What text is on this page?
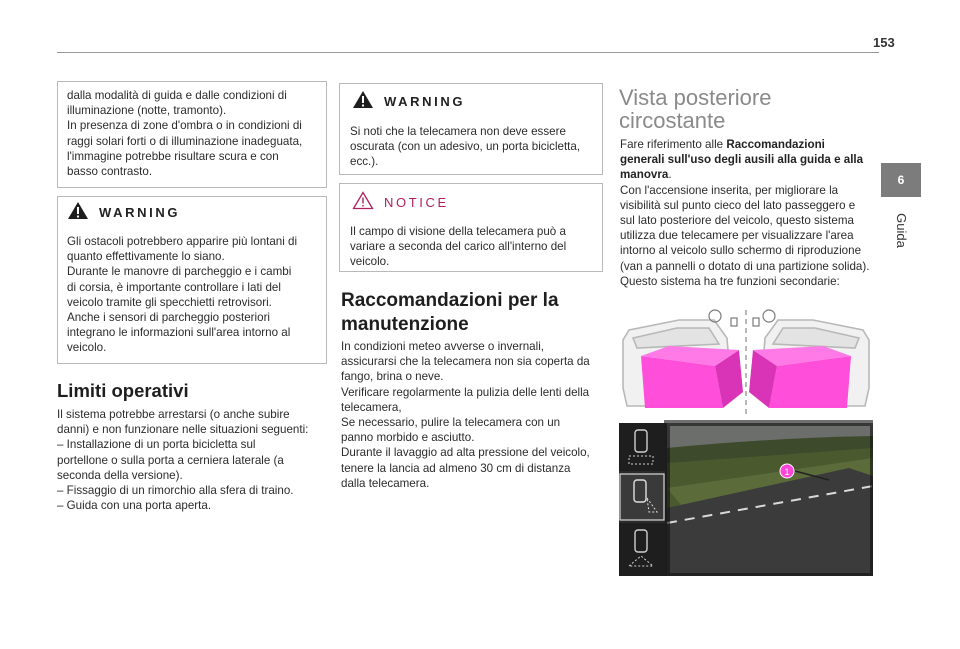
153
6
Guida

dalla modalità di guida e dalle condizioni di

illuminazione (notte, tramonto).

In presenza di zone d'ombra o in condizioni di

raggi solari forti o di illuminazione inadeguata,

l'immagine potrebbe risultare scura e con

basso contrasto.

WARNING

Gli ostacoli potrebbero apparire più lontani di

quanto effettivamente lo siano.

Durante le manovre di parcheggio e i cambi

di corsia, è importante controllare i lati del

veicolo tramite gli specchietti retrovisori.

Anche i sensori di parcheggio posteriori

integrano le informazioni sull'area intorno al

veicolo.

Limiti operativi
Il sistema potrebbe arrestarsi (o anche subire
danni) e non funzionare nelle situazioni seguenti:
– Installazione di un porta bicicletta sul
portellone o sulla porta a cerniera laterale (a
seconda della versione).
– Fissaggio di un rimorchio alla sfera di traino.
– Guida con una porta aperta.
WARNING

Si noti che la telecamera non deve essere

oscurata (con un adesivo, un porta bicicletta,

ecc.).

NOTICE

Il campo di visione della telecamera può a

variare a seconda del carico all'interno del

veicolo.

Raccomandazioni per la
manutenzione
In condizioni meteo avverse o invernali,
assicurarsi che la telecamera non sia coperta da
fango, brina o neve.
Verificare regolarmente la pulizia delle lenti della
telecamera,
Se necessario, pulire la telecamera con un
panno morbido e asciutto.
Durante il lavaggio ad alta pressione del veicolo,
tenere la lancia ad almeno 30 cm di distanza
dalla telecamera.
Vista posteriore
circostante
Fare riferimento alle Raccomandazioni
generali sull'uso degli ausili alla guida e alla
manovra.
Con l'accensione inserita, per migliorare la
visibilità sul punto cieco del lato passeggero e
sul lato posteriore del veicolo, questo sistema
utilizza due telecamere per visualizzare l'area
intorno al veicolo sullo schermo di riproduzione
(van a pannelli o dotato di una partizione solida).
Questo sistema ha tre funzioni secondarie:
1
